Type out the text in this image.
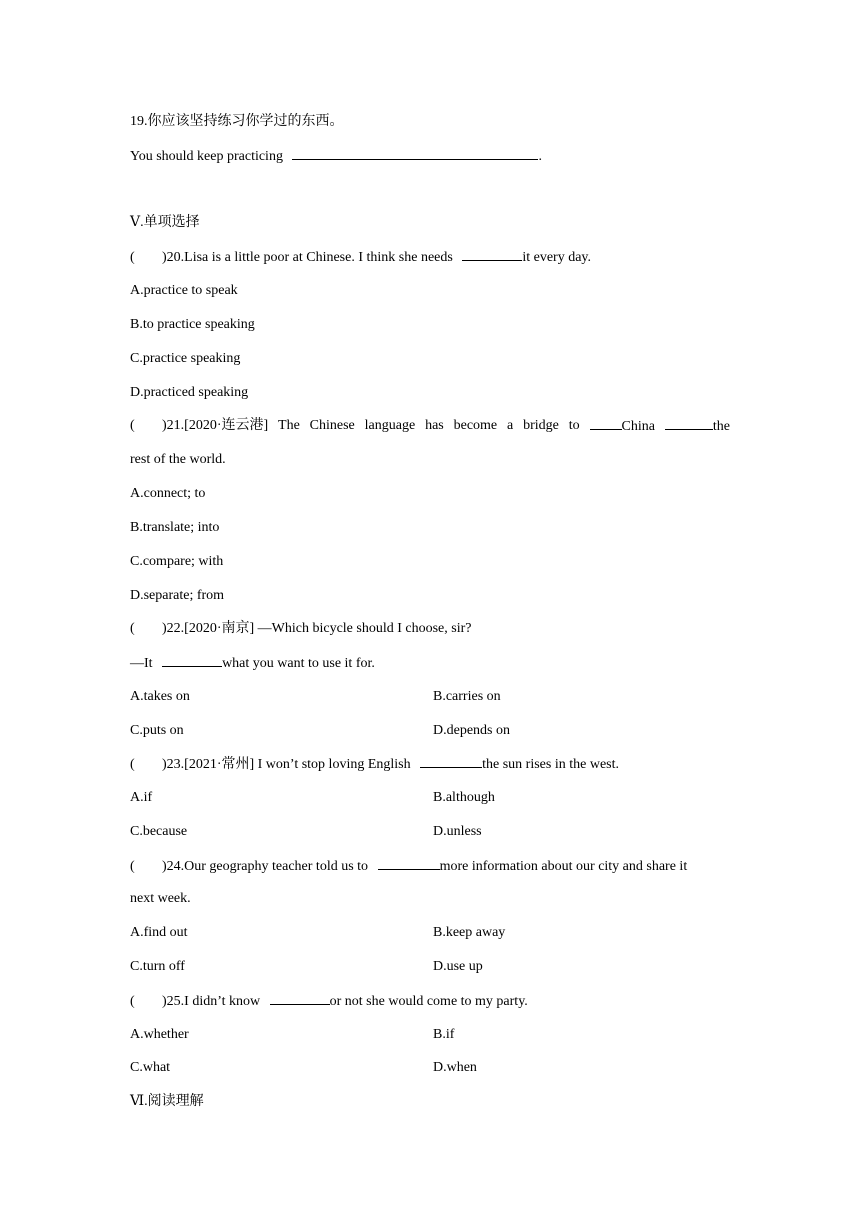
19.你应该坚持练习你学过的东西。
You should keep practicing	.
Ⅴ.单项选择
( )20.Lisa is a little poor at Chinese. I think she needs	it every day.
A.practice to speak
B.to practice speaking
C.practice speaking
D.practiced speaking
( )21.[2020·连云港] The Chinese language has become a bridge to	China	the
rest of the world.
A.connect; to
B.translate; into
C.compare; with
D.separate; from
( )22.[2020·南京] —Which bicycle should I choose, sir?
—It	what you want to use it for.
A.takes on	B.carries on
C.puts on	D.depends on
( )23.[2021·常州] I won’t stop loving English	the sun rises in the west.
A.if	B.although
C.because	D.unless
( )24.Our geography teacher told us to	more information about our city and share it
next week.
A.find out	B.keep away
C.turn off	D.use up
( )25.I didn’t know	or not she would come to my party.
A.whether	B.if
C.what	D.when
Ⅵ.阅读理解
